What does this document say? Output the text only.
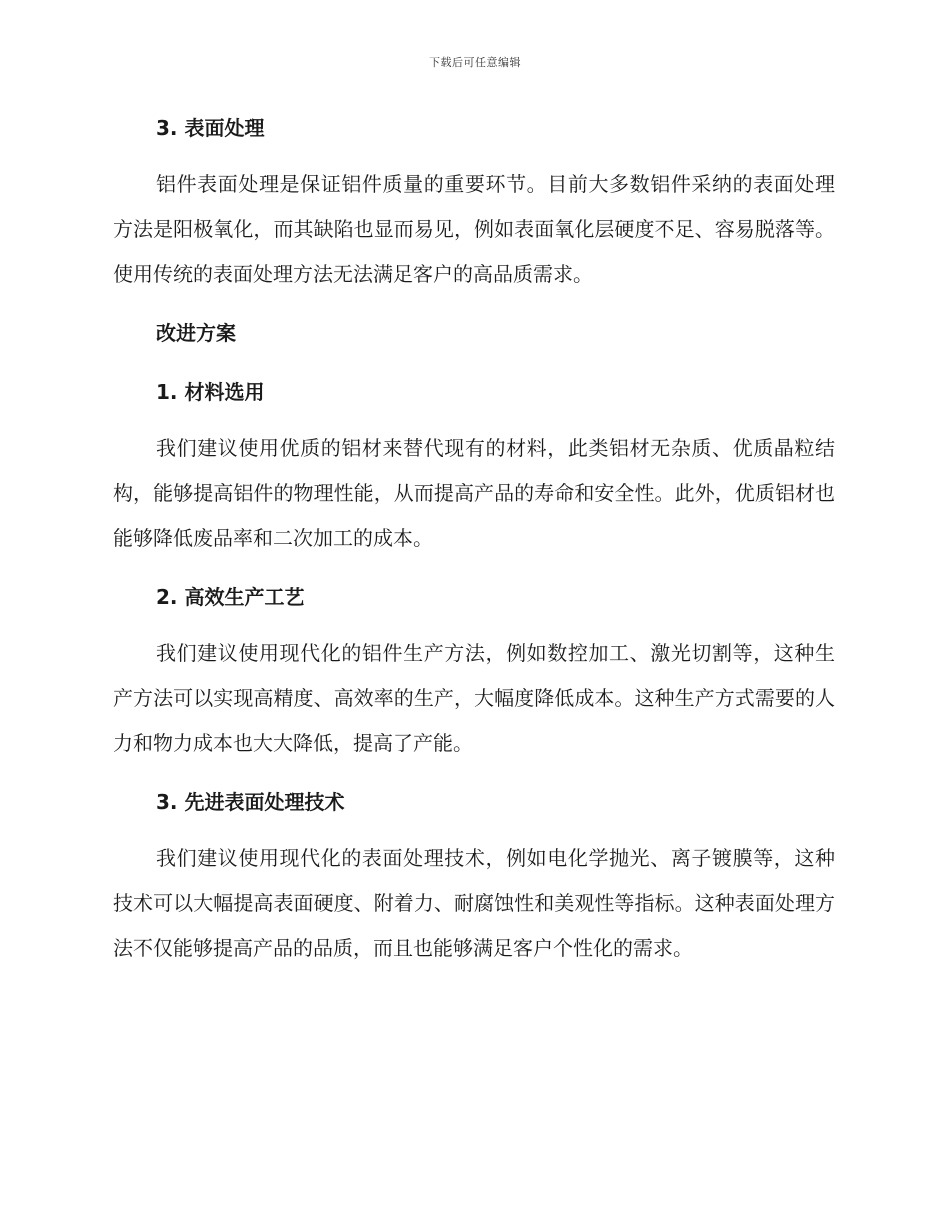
下载后可任意编辑
3. 表面处理

铝件表面处理是保证铝件质量的重要环节。目前大多数铝件采纳的表面处理方法是阳极氧化，而其缺陷也显而易见，例如表面氧化层硬度不足、容易脱落等。使用传统的表面处理方法无法满足客户的高品质需求。

改进方案
1. 材料选用

我们建议使用优质的铝材来替代现有的材料，此类铝材无杂质、优质晶粒结构，能够提高铝件的物理性能，从而提高产品的寿命和安全性。此外，优质铝材也能够降低废品率和二次加工的成本。

2. 高效生产工艺

我们建议使用现代化的铝件生产方法，例如数控加工、激光切割等，这种生产方法可以实现高精度、高效率的生产，大幅度降低成本。这种生产方式需要的人力和物力成本也大大降低，提高了产能。

3. 先进表面处理技术

我们建议使用现代化的表面处理技术，例如电化学抛光、离子镀膜等，这种技术可以大幅提高表面硬度、附着力、耐腐蚀性和美观性等指标。这种表面处理方法不仅能够提高产品的品质，而且也能够满足客户个性化的需求。
